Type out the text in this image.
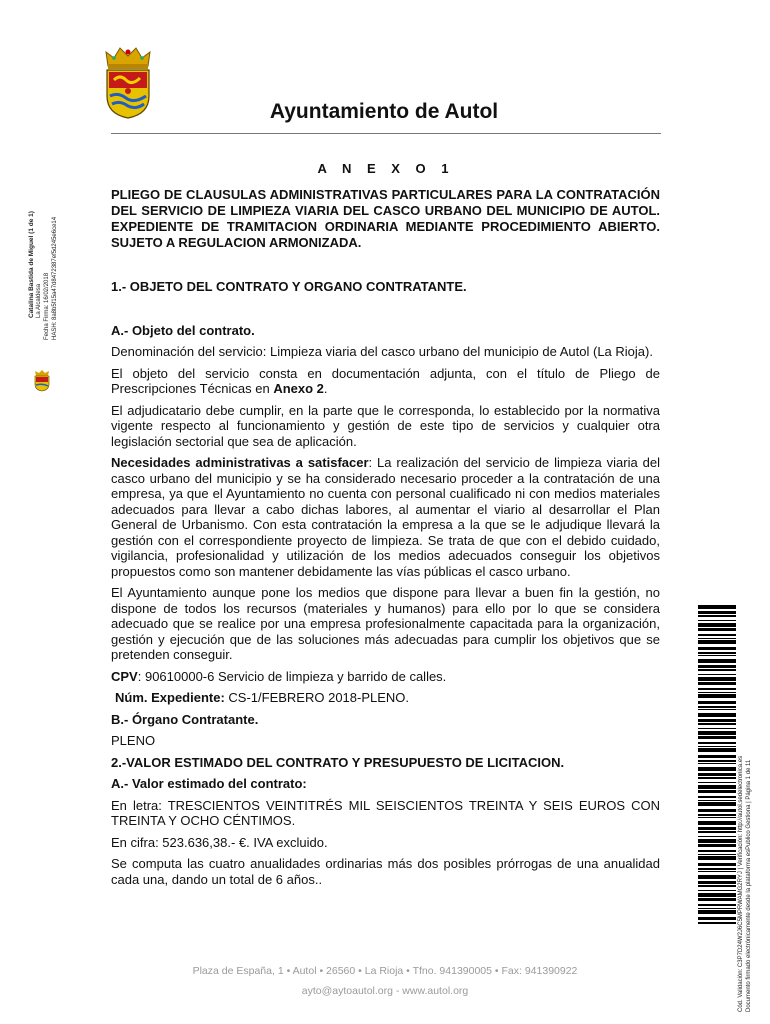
Ayuntamiento de Autol
A N E X O 1
PLIEGO DE CLAUSULAS ADMINISTRATIVAS PARTICULARES PARA LA CONTRATACIÓN DEL SERVICIO DE LIMPIEZA VIARIA DEL CASCO URBANO DEL MUNICIPIO DE AUTOL. EXPEDIENTE DE TRAMITACION ORDINARIA MEDIANTE PROCEDIMIENTO ABIERTO. SUJETO A REGULACION ARMONIZADA.
1.- OBJETO DEL CONTRATO Y ORGANO CONTRATANTE.
A.- Objeto del contrato.

Denominación del servicio: Limpieza viaria del casco urbano del municipio de Autol (La Rioja).

El objeto del servicio consta en documentación adjunta, con el título de Pliego de Prescripciones Técnicas en Anexo 2.

El adjudicatario debe cumplir, en la parte que le corresponda, lo establecido por la normativa vigente respecto al funcionamiento y gestión de este tipo de servicios y cualquier otra legislación sectorial que sea de aplicación.

Necesidades administrativas a satisfacer: La realización del servicio de limpieza viaria del casco urbano del municipio y se ha considerado necesario proceder a la contratación de una empresa, ya que el Ayuntamiento no cuenta con personal cualificado ni con medios materiales adecuados para llevar a cabo dichas labores, al aumentar el viario al desarrollar el Plan General de Urbanismo. Con esta contratación la empresa a la que se le adjudique llevará la gestión con el correspondiente proyecto de limpieza. Se trata de que con el debido cuidado, vigilancia, profesionalidad y utilización de los medios adecuados conseguir los objetivos propuestos como son mantener debidamente las vías públicas el casco urbano.

El Ayuntamiento aunque pone los medios que dispone para llevar a buen fin la gestión, no dispone de todos los recursos (materiales y humanos) para ello por lo que se considera adecuado que se realice por una empresa profesionalmente capacitada para la organización, gestión y ejecución que de las soluciones más adecuadas para cumplir los objetivos que se pretenden conseguir.

CPV: 90610000-6 Servicio de limpieza y barrido de calles.

Núm. Expediente: CS-1/FEBRERO 2018-PLENO.

B.- Órgano Contratante.

PLENO

2.-VALOR ESTIMADO DEL CONTRATO Y PRESUPUESTO DE LICITACION.

A.- Valor estimado del contrato:

En letra: TRESCIENTOS VEINTITRÉS MIL SEISCIENTOS TREINTA Y SEIS EUROS CON TREINTA Y OCHO CÉNTIMOS.

En cifra: 523.636,38.- €. IVA excluido.

Se computa las cuatro anualidades ordinarias más dos posibles prórrogas de una anualidad cada una, dando un total de 6 años..

Catalina Bastida de Miguel (1 de 1) La Alcaldesa Fecha Firma: 16/02/2018 HASH: 8a8b5f15a47d8472387ef5d245e6ce14
Cód. Validación: C3P7D24W2J6C5MPRWAMG2RYJ | Verificación: http://autol.sedelectronica.es Documento firmado electrónicamente desde la plataforma esPublico Gestiona | Página 1 de 11
Plaza de España, 1 • Autol • 26560 • La Rioja • Tfno. 941390005 • Fax: 941390922
ayto@aytoautol.org - www.autol.org
